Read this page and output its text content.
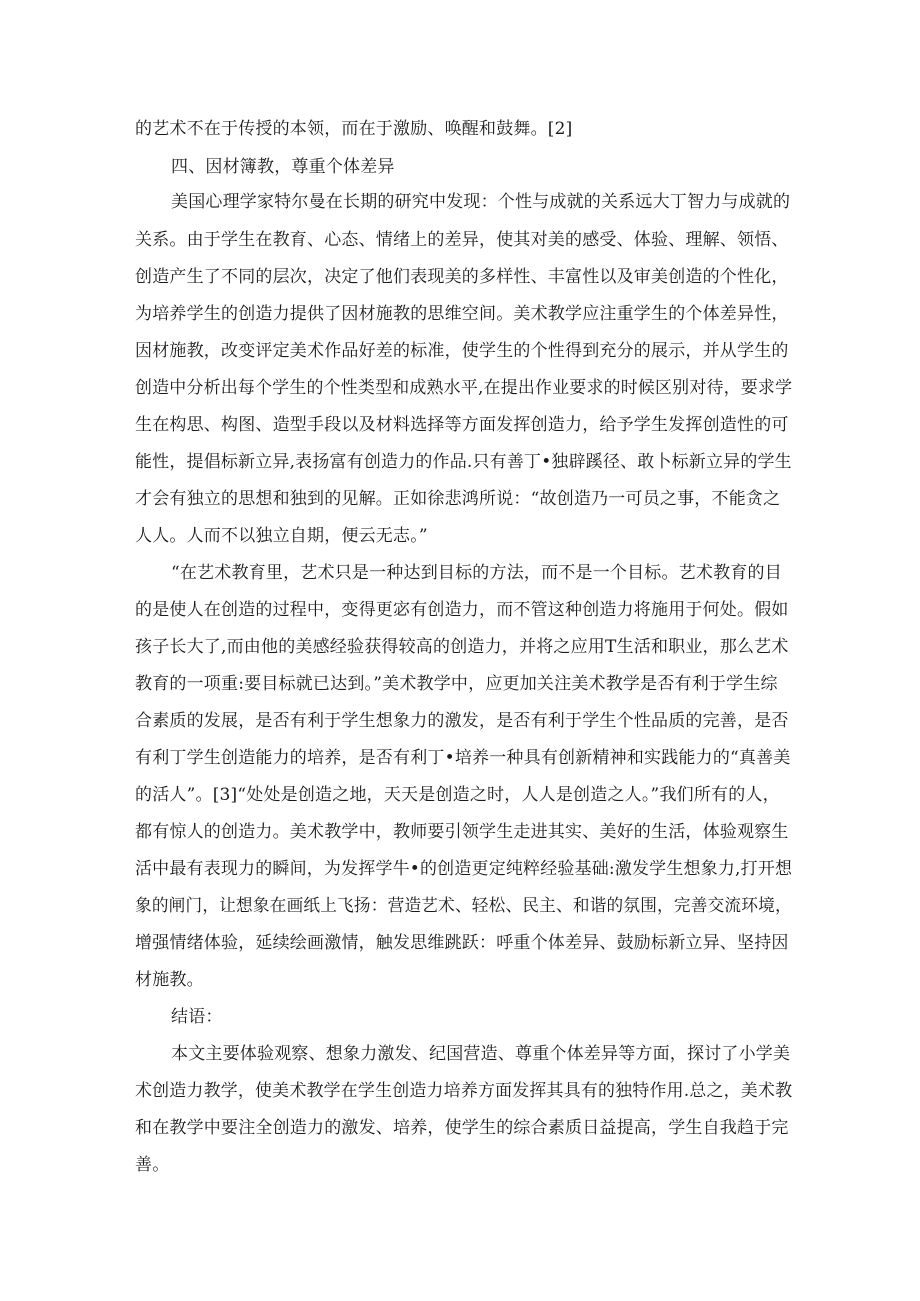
的艺术不在于传授的本领，而在于激励、唤醒和鼓舞。[2]
四、因材簿教，尊重个体差异
美国心理学家特尔曼在长期的研究中发现：个性与成就的关系远大丁智力与成就的
关系。由于学生在教育、心态、情绪上的差异，使其对美的感受、体验、理解、领悟、
创造产生了不同的层次，决定了他们表现美的多样性、丰富性以及审美创造的个性化，
为培养学生的创造力提供了因材施教的思维空间。美术教学应注重学生的个体差异性，
因材施教，改变评定美术作品好差的标准，使学生的个性得到充分的展示，并从学生的
创造中分析出每个学生的个性类型和成熟水平,在提出作业要求的时候区别对待，要求学
生在构思、构图、造型手段以及材料选择等方面发挥创造力，给予学生发挥创造性的可
能性，提倡标新立异,表扬富有创造力的作品.只有善丁•独辟蹊径、敢卜标新立异的学生
才会有独立的思想和独到的见解。正如徐悲鸿所说：“故创造乃一可员之事，不能贪之
人人。人而不以独立自期，便云无志。”
“在艺术教育里，艺术只是一种达到目标的方法，而不是一个目标。艺术教育的目
的是使人在创造的过程中，变得更宓有创造力，而不管这种创造力将施用于何处。假如
孩子长大了,而由他的美感经验获得较高的创造力，并将之应用T生活和职业，那么艺术
教育的一项重:要目标就已达到。”美术教学中，应更加关注美术教学是否有利于学生综
合素质的发展，是否有利于学生想象力的激发，是否有利于学生个性品质的完善，是否
有利丁学生创造能力的培养，是否有利丁•培养一种具有创新精神和实践能力的“真善美
的活人”。[3]“处处是创造之地，天天是创造之时，人人是创造之人。”我们所有的人，
都有惊人的创造力。美术教学中，教师要引领学生走进其实、美好的生活，体验观察生
活中最有表现力的瞬间，为发挥学牛•的创造更定纯粹经验基础:激发学生想象力,打开想
象的闸门，让想象在画纸上飞扬：营造艺术、轻松、民主、和谐的氛围，完善交流环境，
增强情绪体验，延续绘画激情，触发思维跳跃：呼重个体差异、鼓励标新立异、坚持因
材施教。
结语：
本文主要体验观察、想象力激发、纪国营造、尊重个体差异等方面，探讨了小学美
术创造力教学，使美术教学在学生创造力培养方面发挥其具有的独特作用.总之，美术教
和在教学中要注全创造力的激发、培养，使学生的综合素质日益提高，学生自我趋于完
善。
